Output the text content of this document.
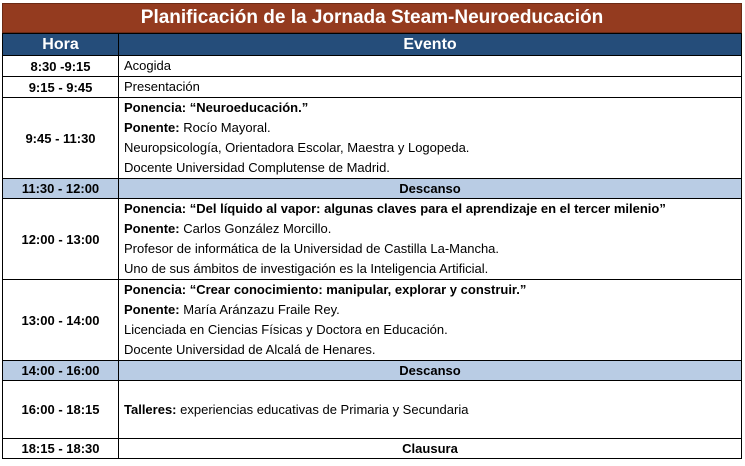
Planificación de la Jornada Steam-Neuroeducación
Hora	Evento
8:30 -9:15	Acogida

9:15 - 9:45	Presentación

9:45 - 11:30	Ponencia: “Neuroeducación.”
Ponente: Rocío Mayoral.
Neuropsicología, Orientadora Escolar, Maestra y Logopeda.
Docente Universidad Complutense de Madrid.

11:30 - 12:00	Descanso
12:00 - 13:00	Ponencia: “Del líquido al vapor: algunas claves para el aprendizaje en el tercer milenio”
Ponente: Carlos González Morcillo.
Profesor de informática de la Universidad de Castilla La-Mancha.
Uno de sus ámbitos de investigación es la Inteligencia Artificial.

13:00 - 14:00	Ponencia: “Crear conocimiento: manipular, explorar y construir.”
Ponente: María Aránzazu Fraile Rey.
Licenciada en Ciencias Físicas y Doctora en Educación.
Docente Universidad de Alcalá de Henares.

14:00 - 16:00	Descanso
16:00 - 18:15	Talleres: experiencias educativas de Primaria y Secundaria

18:15 - 18:30	Clausura
